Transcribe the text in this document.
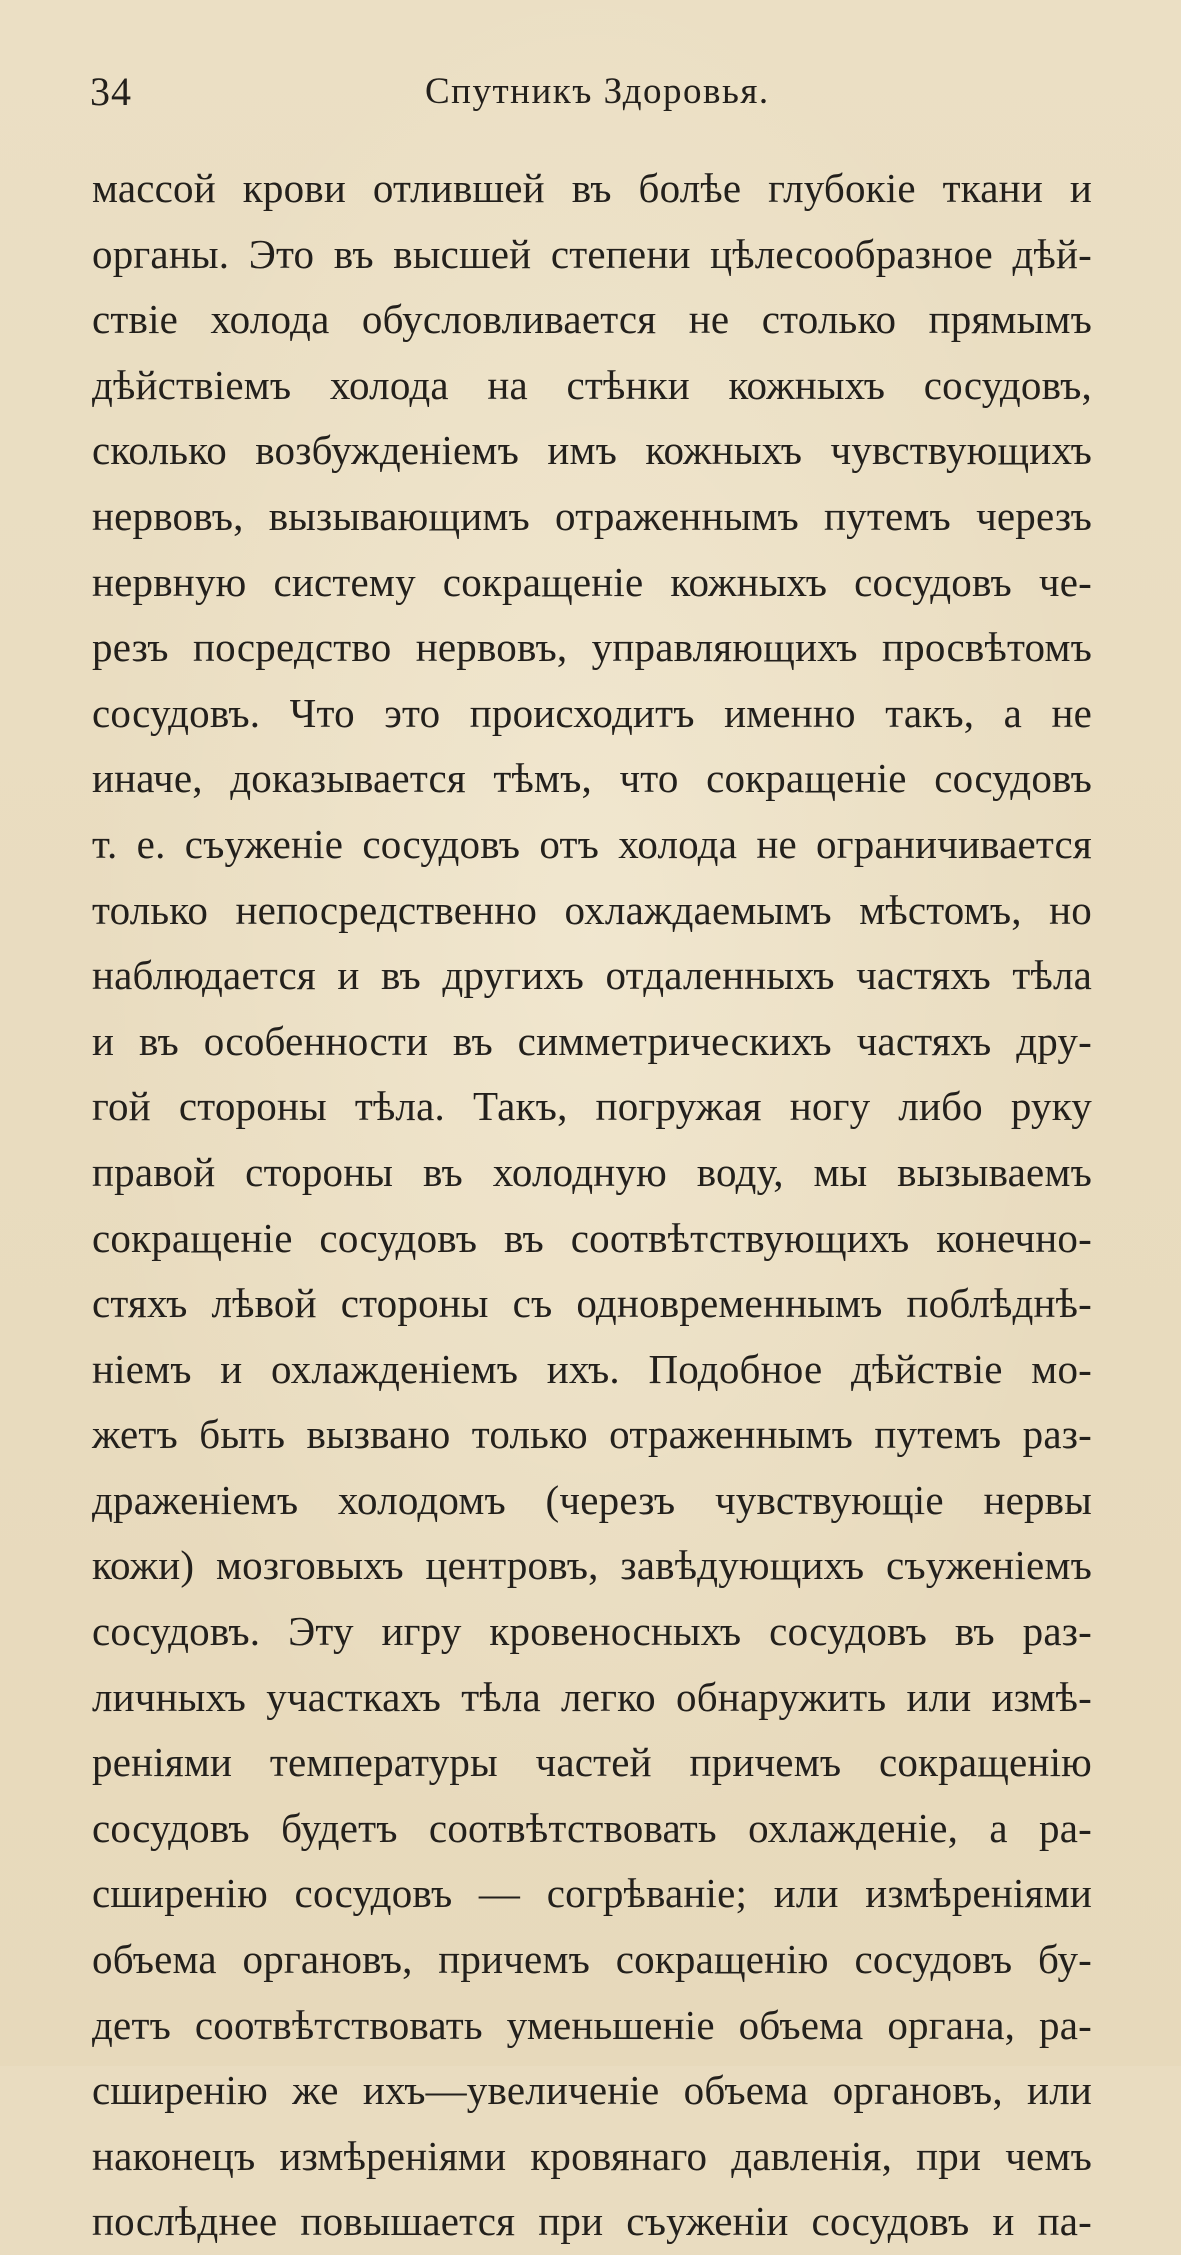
34	Спутникъ Здоровья.
массой крови отлившей въ болѣе глубокіе ткани и
органы. Это въ высшей степени цѣлесообразное дѣй-
ствіе холода обусловливается не столько прямымъ
дѣйствіемъ холода на стѣнки кожныхъ сосудовъ,
сколько возбужденіемъ имъ кожныхъ чувствующихъ
нервовъ, вызывающимъ отраженнымъ путемъ черезъ
нервную систему сокращеніе кожныхъ сосудовъ че-
резъ посредство нервовъ, управляющихъ просвѣтомъ
сосудовъ. Что это происходитъ именно такъ, а не
иначе, доказывается тѣмъ, что сокращеніе сосудовъ
т. е. съуженіе сосудовъ отъ холода не ограничивается
только непосредственно охлаждаемымъ мѣстомъ, но
наблюдается и въ другихъ отдаленныхъ частяхъ тѣла
и въ особенности въ симметрическихъ частяхъ дру-
гой стороны тѣла. Такъ, погружая ногу либо руку
правой стороны въ холодную воду, мы вызываемъ
сокращеніе сосудовъ въ соотвѣтствующихъ конечно-
стяхъ лѣвой стороны съ одновременнымъ поблѣднѣ-
ніемъ и охлажденіемъ ихъ. Подобное дѣйствіе мо-
жетъ быть вызвано только отраженнымъ путемъ раз-
драженіемъ холодомъ (черезъ чувствующіе нервы
кожи) мозговыхъ центровъ, завѣдующихъ съуженіемъ
сосудовъ. Эту игру кровеносныхъ сосудовъ въ раз-
личныхъ участкахъ тѣла легко обнаружить или измѣ-
реніями температуры частей причемъ сокращенію
сосудовъ будетъ соотвѣтствовать охлажденіе, а ра-
сширенію сосудовъ — согрѣваніе; или измѣреніями
объема органовъ, причемъ сокращенію сосудовъ бу-
детъ соотвѣтствовать уменьшеніе объема органа, ра-
сширенію же ихъ—увеличеніе объема органовъ, или
наконецъ измѣреніями кровянаго давленія, при чемъ
послѣднее повышается при съуженіи сосудовъ и па-
